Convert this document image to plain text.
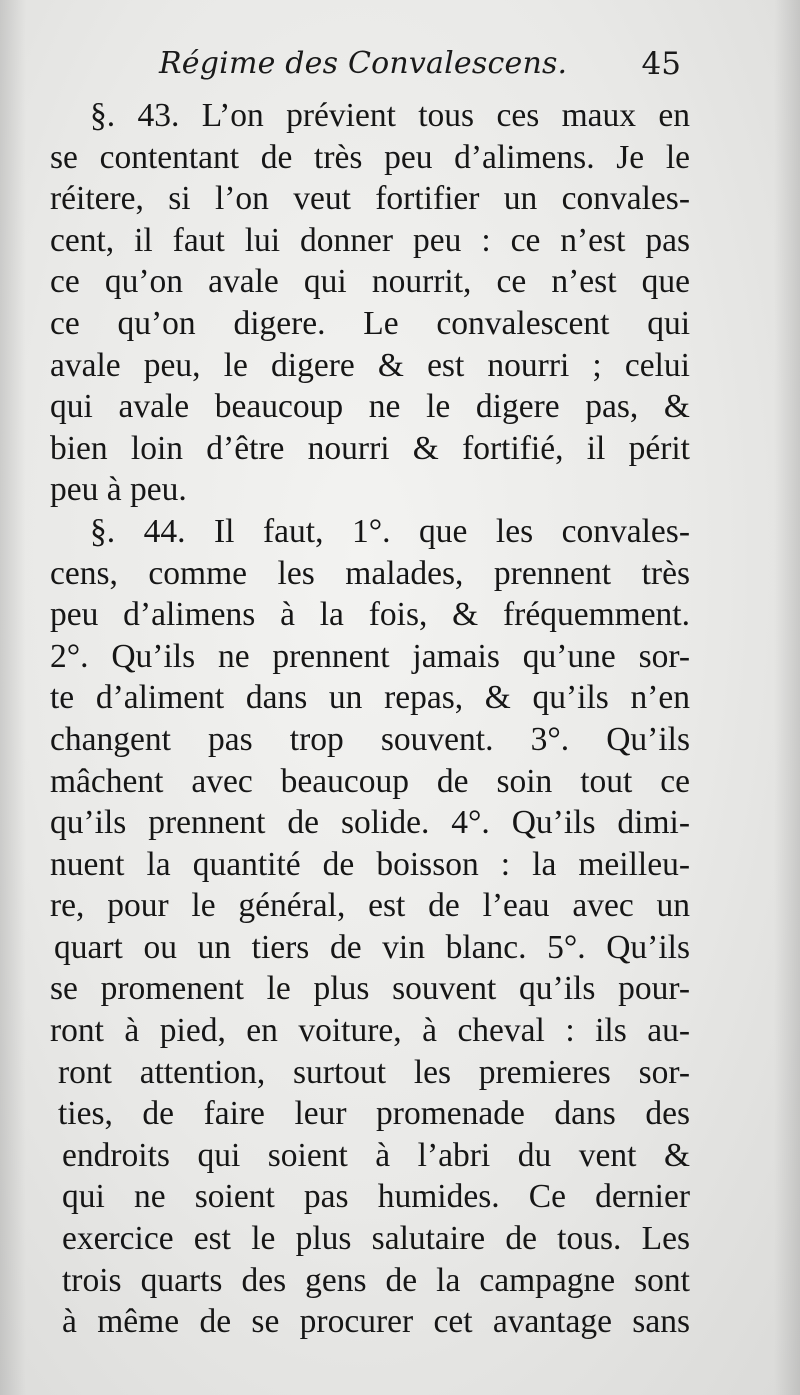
Régime des Convalescens. 45
§. 43. L’on prévient tous ces maux en
se contentant de très peu d’alimens. Je le
réitere, si l’on veut fortifier un convales-
cent, il faut lui donner peu : ce n’est pas
ce qu’on avale qui nourrit, ce n’est que
ce qu’on digere. Le convalescent qui
avale peu, le digere & est nourri ; celui
qui avale beaucoup ne le digere pas, &
bien loin d’être nourri & fortifié, il périt
peu à peu.
§. 44. Il faut, 1°. que les convales-
cens, comme les malades, prennent très
peu d’alimens à la fois, & fréquemment.
2°. Qu’ils ne prennent jamais qu’une sor-
te d’aliment dans un repas, & qu’ils n’en
changent pas trop souvent. 3°. Qu’ils
mâchent avec beaucoup de soin tout ce
qu’ils prennent de solide. 4°. Qu’ils dimi-
nuent la quantité de boisson : la meilleu-
re, pour le général, est de l’eau avec un
quart ou un tiers de vin blanc. 5°. Qu’ils
se promenent le plus souvent qu’ils pour-
ront à pied, en voiture, à cheval : ils au-
ront attention, surtout les premieres sor-
ties, de faire leur promenade dans des
endroits qui soient à l’abri du vent &
qui ne soient pas humides. Ce dernier
exercice est le plus salutaire de tous. Les
trois quarts des gens de la campagne sont
à même de se procurer cet avantage sans
